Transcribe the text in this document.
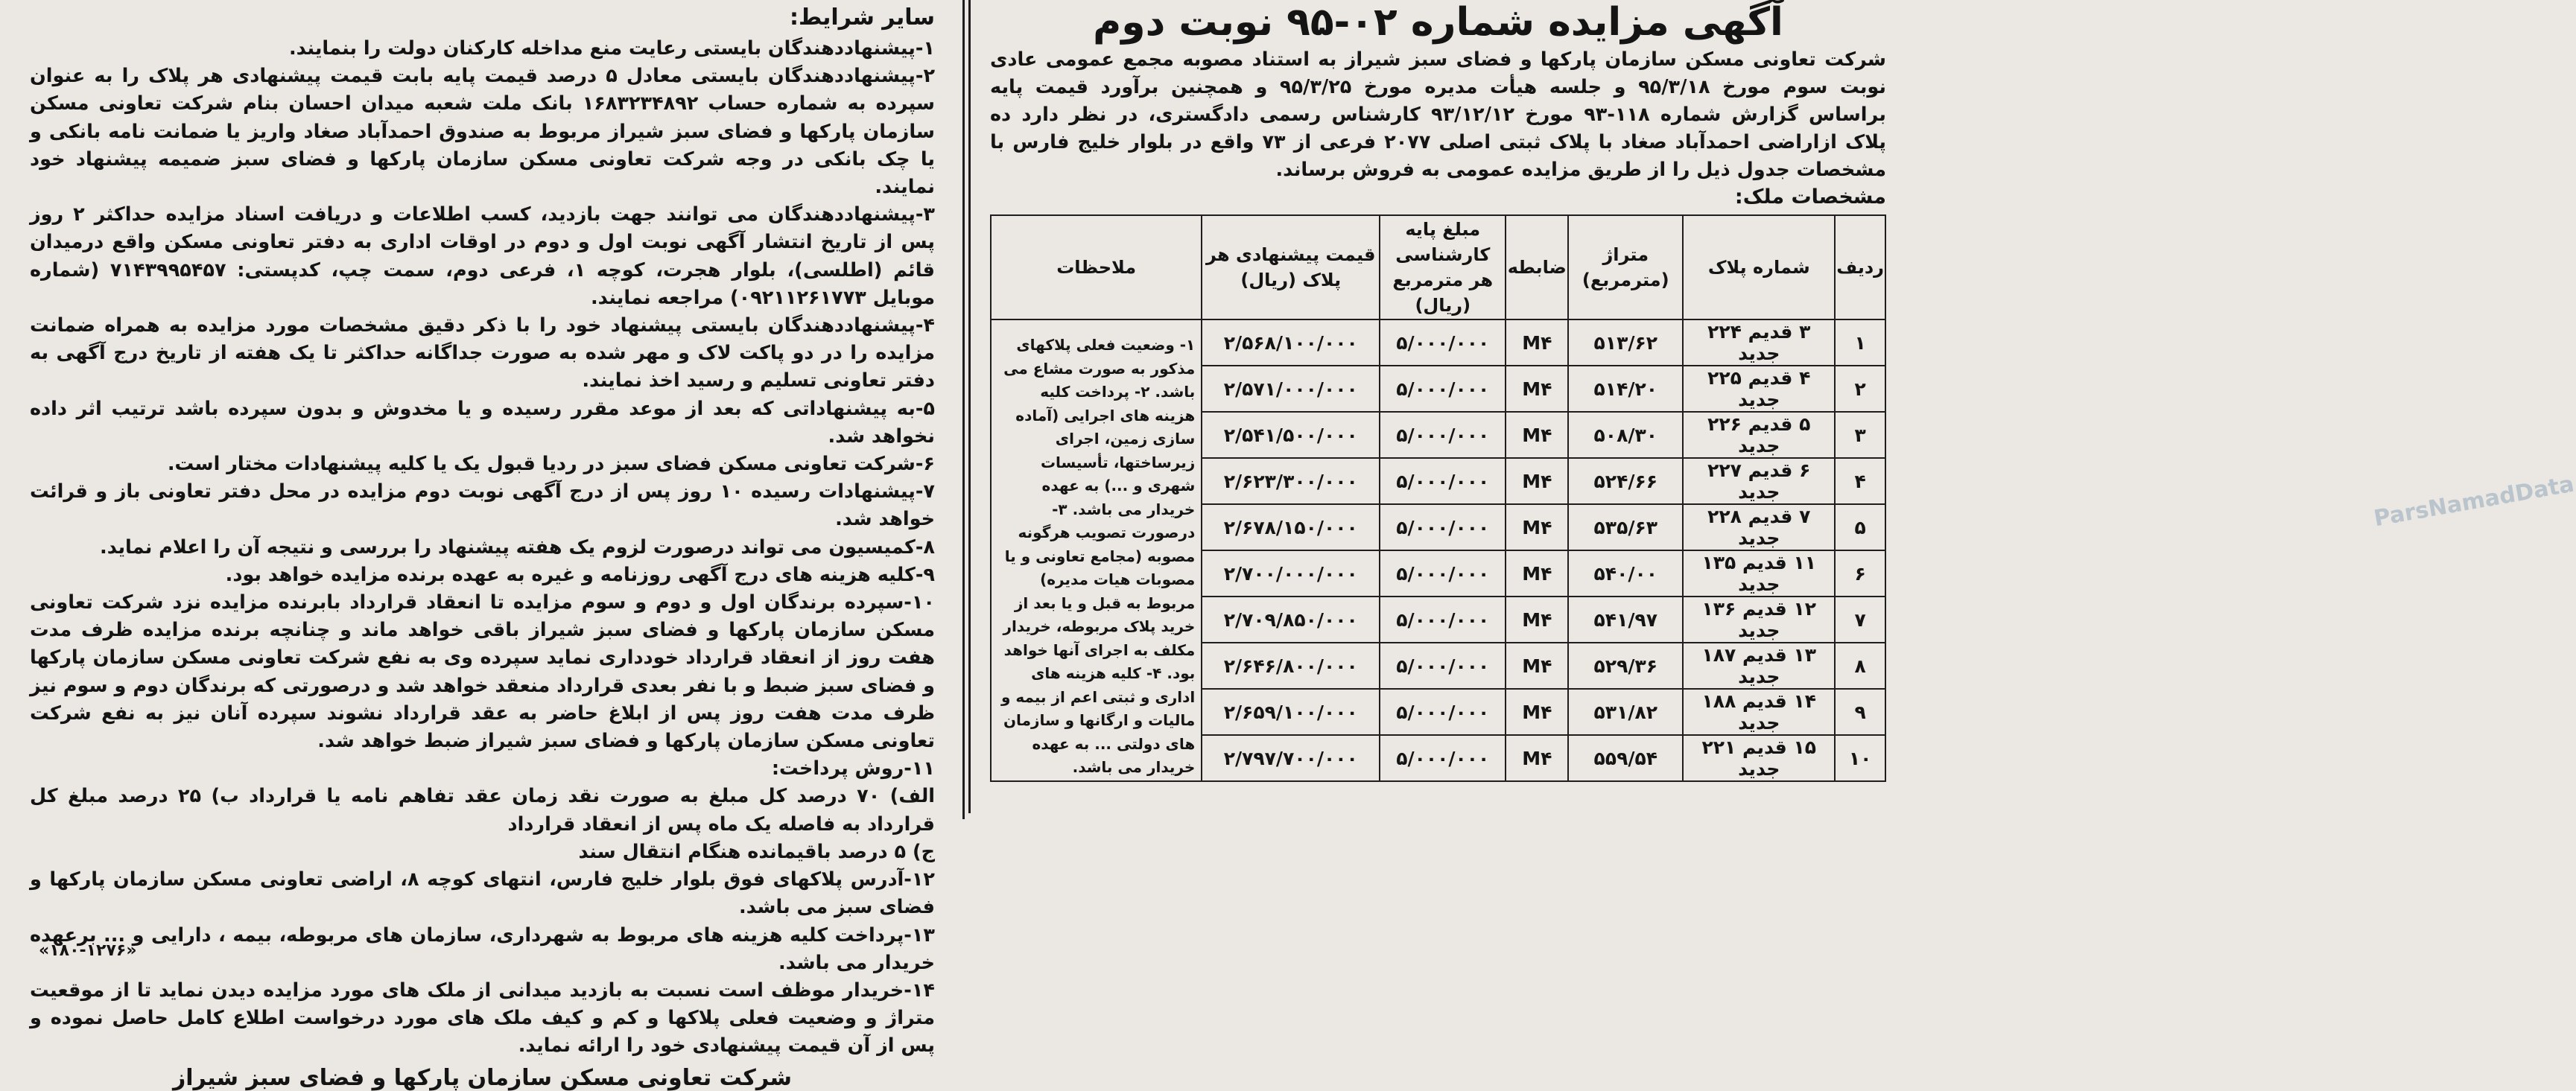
سایر شرایط:

۱-پیشنهاددهندگان بایستی رعایت منع مداخله کارکنان دولت را بنمایند.

۲-پیشنهاددهندگان بایستی معادل ۵ درصد قیمت پایه بابت قیمت پیشنهادی هر پلاک را به عنوان سپرده به شماره حساب ۱۶۸۳۲۳۴۸۹۲ بانک ملت شعبه میدان احسان بنام شرکت تعاونی مسکن سازمان پارکها و فضای سبز شیراز مربوط به صندوق احمدآباد صغاد واریز یا ضمانت نامه بانکی و یا چک بانکی در وجه شرکت تعاونی مسکن سازمان پارکها و فضای سبز ضمیمه پیشنهاد خود نمایند.

۳-پیشنهاددهندگان می توانند جهت بازدید، کسب اطلاعات و دریافت اسناد مزایده حداکثر ۲ روز پس از تاریخ انتشار آگهی نوبت اول و دوم در اوقات اداری به دفتر تعاونی مسکن واقع درمیدان قائم (اطلسی)، بلوار هجرت، کوچه ۱، فرعی دوم، سمت چپ، کدپستی: ۷۱۴۳۹۹۵۴۵۷ (شماره موبایل ۰۹۲۱۱۲۶۱۷۷۳) مراجعه نمایند.

۴-پیشنهاددهندگان بایستی پیشنهاد خود را با ذکر دقیق مشخصات مورد مزایده به همراه ضمانت مزایده را در دو پاکت لاک و مهر شده به صورت جداگانه حداکثر تا یک هفته از تاریخ درج آگهی به دفتر تعاونی تسلیم و رسید اخذ نمایند.

۵-به پیشنهاداتی که بعد از موعد مقرر رسیده و یا مخدوش و بدون سپرده باشد ترتیب اثر داده نخواهد شد.

۶-شرکت تعاونی مسکن فضای سبز در ردیا قبول یک یا کلیه پیشنهادات مختار است.

۷-پیشنهادات رسیده ۱۰ روز پس از درج آگهی نوبت دوم مزایده در محل دفتر تعاونی باز و قرائت خواهد شد.

۸-کمیسیون می تواند درصورت لزوم یک هفته پیشنهاد را بررسی و نتیجه آن را اعلام نماید.

۹-کلیه هزینه های درج آگهی روزنامه و غیره به عهده برنده مزایده خواهد بود.

۱۰-سپرده برندگان اول و دوم و سوم مزایده تا انعقاد قرارداد بابرنده مزایده نزد شرکت تعاونی مسکن سازمان پارکها و فضای سبز شیراز باقی خواهد ماند و چنانچه برنده مزایده ظرف مدت هفت روز از انعقاد قرارداد خودداری نماید سپرده وی به نفع شرکت تعاونی مسکن سازمان پارکها و فضای سبز ضبط و با نفر بعدی قرارداد منعقد خواهد شد و درصورتی که برندگان دوم و سوم نیز ظرف مدت هفت روز پس از ابلاغ حاضر به عقد قرارداد نشوند سپرده آنان نیز به نفع شرکت تعاونی مسکن سازمان پارکها و فضای سبز شیراز ضبط خواهد شد.

۱۱-روش پرداخت:

الف) ۷۰ درصد کل مبلغ به صورت نقد زمان عقد تفاهم نامه یا قرارداد ب) ۲۵ درصد مبلغ کل قرارداد به فاصله یک ماه پس از انعقاد قرارداد

ج) ۵ درصد باقیمانده هنگام انتقال سند

۱۲-آدرس پلاکهای فوق بلوار خلیج فارس، انتهای کوچه ۸، اراضی تعاونی مسکن سازمان پارکها و فضای سبز می باشد.

۱۳-پرداخت کلیه هزینه های مربوط به شهرداری، سازمان های مربوطه، بیمه ، دارایی و ... برعهده خریدار می باشد.

۱۴-خریدار موظف است نسبت به بازدید میدانی از ملک های مورد مزایده دیدن نماید تا از موقعیت متراژ و وضعیت فعلی پلاکها و کم و کیف ملک های مورد درخواست اطلاع کامل حاصل نموده و پس از آن قیمت پیشنهادی خود را ارائه نماید.

شرکت تعاونی مسکن سازمان پارکها و فضای سبز شیراز
«۱۸۰-۱۲۷۶»
آگهی مزایده شماره ۰۲-۹۵ نوبت دوم
شرکت تعاونی مسکن سازمان پارکها و فضای سبز شیراز به استناد مصوبه مجمع عمومی عادی نوبت سوم مورخ ۹۵/۳/۱۸ و جلسه هیأت مدیره مورخ ۹۵/۳/۲۵ و همچنین برآورد قیمت پایه براساس گزارش شماره ۱۱۸-۹۳ مورخ ۹۳/۱۲/۱۲ کارشناس رسمی دادگستری، در نظر دارد ده پلاک ازاراضی احمدآباد صغاد با پلاک ثبتی اصلی ۲۰۷۷ فرعی از ۷۳ واقع در بلوار خلیج فارس با مشخصات جدول ذیل را از طریق مزایده عمومی به فروش برساند.
مشخصات ملک:
ردیف	شماره پلاک	متراژ (مترمربع)	ضابطه	مبلغ پایه کارشناسی هر مترمربع (ریال)	قیمت پیشنهادی هر پلاک (ریال)	ملاحظات
۱	۳ قدیم ۲۲۴ جدید	۵۱۳/۶۲	M۴	۵/۰۰۰/۰۰۰	۲/۵۶۸/۱۰۰/۰۰۰	۱- وضعیت فعلی پلاکهای مذکور به صورت مشاع می باشد. ۲- پرداخت کلیه هزینه های اجرایی (آماده سازی زمین، اجرای زیرساختها، تأسیسات شهری و ...) به عهده خریدار می باشد. ۳- درصورت تصویب هرگونه مصوبه (مجامع تعاونی و یا مصوبات هیات مدیره) مربوط به قبل و یا بعد از خرید پلاک مربوطه، خریدار مکلف به اجرای آنها خواهد بود. ۴- کلیه هزینه های اداری و ثبتی اعم از بیمه و مالیات و ارگانها و سازمان های دولتی ... به عهده خریدار می باشد.
۲	۴ قدیم ۲۲۵ جدید	۵۱۴/۲۰	M۴	۵/۰۰۰/۰۰۰	۲/۵۷۱/۰۰۰/۰۰۰	
۳	۵ قدیم ۲۲۶ جدید	۵۰۸/۳۰	M۴	۵/۰۰۰/۰۰۰	۲/۵۴۱/۵۰۰/۰۰۰	
۴	۶ قدیم ۲۲۷ جدید	۵۲۴/۶۶	M۴	۵/۰۰۰/۰۰۰	۲/۶۲۳/۳۰۰/۰۰۰	
۵	۷ قدیم ۲۲۸ جدید	۵۳۵/۶۳	M۴	۵/۰۰۰/۰۰۰	۲/۶۷۸/۱۵۰/۰۰۰	
۶	۱۱ قدیم ۱۳۵ جدید	۵۴۰/۰۰	M۴	۵/۰۰۰/۰۰۰	۲/۷۰۰/۰۰۰/۰۰۰	
۷	۱۲ قدیم ۱۳۶ جدید	۵۴۱/۹۷	M۴	۵/۰۰۰/۰۰۰	۲/۷۰۹/۸۵۰/۰۰۰	
۸	۱۳ قدیم ۱۸۷ جدید	۵۲۹/۳۶	M۴	۵/۰۰۰/۰۰۰	۲/۶۴۶/۸۰۰/۰۰۰	
۹	۱۴ قدیم ۱۸۸ جدید	۵۳۱/۸۲	M۴	۵/۰۰۰/۰۰۰	۲/۶۵۹/۱۰۰/۰۰۰	
۱۰	۱۵ قدیم ۲۲۱ جدید	۵۵۹/۵۴	M۴	۵/۰۰۰/۰۰۰	۲/۷۹۷/۷۰۰/۰۰۰	
ParsNamadData
